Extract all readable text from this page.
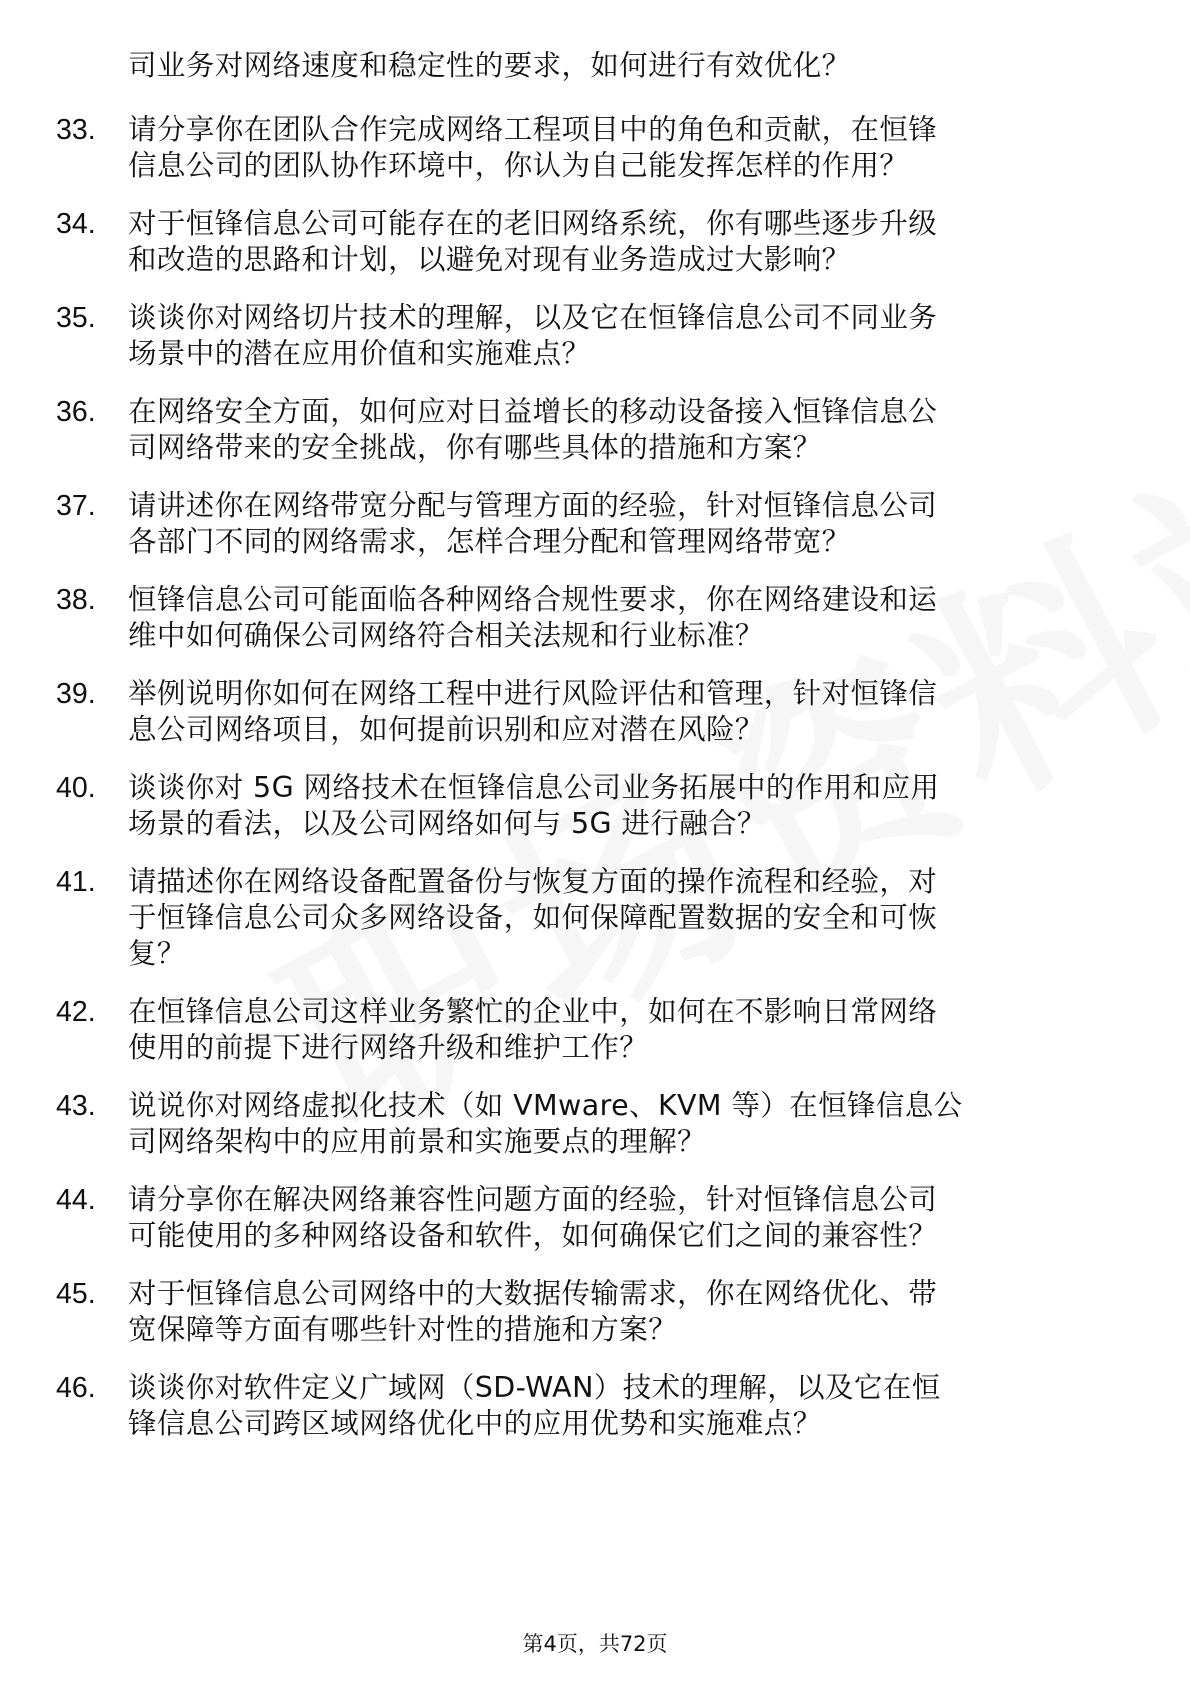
司业务对网络速度和稳定性的要求，如何进行有效优化？
33. 请分享你在团队合作完成网络工程项目中的角色和贡献，在恒锋
信息公司的团队协作环境中，你认为自己能发挥怎样的作用？
34. 对于恒锋信息公司可能存在的老旧网络系统，你有哪些逐步升级
和改造的思路和计划，以避免对现有业务造成过大影响？
35. 谈谈你对网络切片技术的理解，以及它在恒锋信息公司不同业务
场景中的潜在应用价值和实施难点？
36. 在网络安全方面，如何应对日益增长的移动设备接入恒锋信息公
司网络带来的安全挑战，你有哪些具体的措施和方案？
37. 请讲述你在网络带宽分配与管理方面的经验，针对恒锋信息公司
各部门不同的网络需求，怎样合理分配和管理网络带宽？
38. 恒锋信息公司可能面临各种网络合规性要求，你在网络建设和运
维中如何确保公司网络符合相关法规和行业标准？
39. 举例说明你如何在网络工程中进行风险评估和管理，针对恒锋信
息公司网络项目，如何提前识别和应对潜在风险？
40. 谈谈你对 5G 网络技术在恒锋信息公司业务拓展中的作用和应用
场景的看法，以及公司网络如何与 5G 进行融合？
41. 请描述你在网络设备配置备份与恢复方面的操作流程和经验，对
于恒锋信息公司众多网络设备，如何保障配置数据的安全和可恢
复？
42. 在恒锋信息公司这样业务繁忙的企业中，如何在不影响日常网络
使用的前提下进行网络升级和维护工作？
43. 说说你对网络虚拟化技术（如 VMware、KVM 等）在恒锋信息公
司网络架构中的应用前景和实施要点的理解？
44. 请分享你在解决网络兼容性问题方面的经验，针对恒锋信息公司
可能使用的多种网络设备和软件，如何确保它们之间的兼容性？
45. 对于恒锋信息公司网络中的大数据传输需求，你在网络优化、带
宽保障等方面有哪些针对性的措施和方案？
46. 谈谈你对软件定义广域网（SD-WAN）技术的理解，以及它在恒
锋信息公司跨区域网络优化中的应用优势和实施难点？
第4页，共72页
